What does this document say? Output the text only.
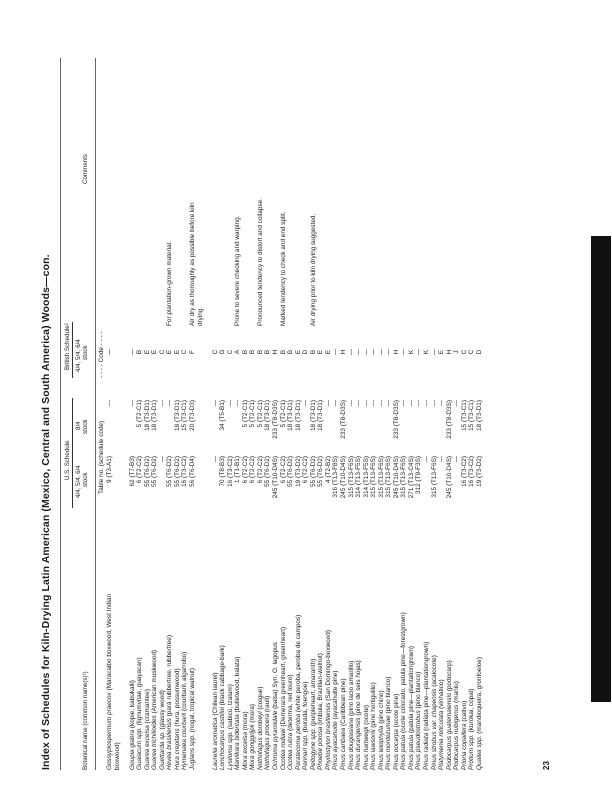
Index of Schedules for Kiln-Drying Latin American (Mexico, Central and South America) Woods—con. U.S. Schedule
British Schedule²
4/4, 5/4, 6/4 stock
8/4 stock
4/4, 5/4, 6/4 stock
Botanical name (common name(s)¹)
Comments
Table no. (schedule code)
- - - - Code - - - -
Gossypiospermum praecox (Maracaibo boxwood, West Indian
9 (T3-A1)
—
—
boxwood) Goupia glabra (kopie, kabukalli)
62 (T7-B3)
—
—
Guaiacum spp. (lignumvitae, guayacan)
6 (T2-C2)
5 (T2-C1)
B
Guarea excelsa (cramantee)
55 (T6-D2)
18 (T3-D1)
E
Guarea trichilioides (American muskwood)
55 (T6-D2)
18 (T3-D1)
E
Guettarda sp. (glassy wood)
—
—
C
Hevea brasiliensis (pará rubbertree, rubbertree)
55 (T6-D2)
—
E
For plantation-grown material.
Hura crepitans (hura, possumwood)
55 (T6-D2)
18 (T3-D1)
E
Hymenaea courbaril (courbaril, algarrobo)
16 (T3-C2)
15 (T3-C1)
C
Juglans spp. (nogal, tropical walnut)
56 (T6-D4)
20 (T3-D3)
F
Air dry as thoroughly as possible before kiln drying.
Laurelia aromatica (Chilean laurel)
—
—
C
Lonchocarpus castilloi (black cabbage-bark)
70 (T8-B3)
34 (T5-B1)
G
Lysiloma spp. (sabicú, tzalam)
16 (T3-C2)
—
C
Manilkara bidentata (bulletwood, balata)
1 (T1-B1)
—
A
Prone to severe checking and warping.
Mora excelsa (mora)
6 (T2-C2)
5 (T2-C1)
B
Mora gonggrijpii (mora)
6 (T2-C2)
5 (T2-C1)
B
Nothofagus dombeyi (coigue)
6 (T2-C2)
5 (T2-C1)
B
Pronounced tendency to distort and collapse.
Nothofagus procera (rauli)
55 (T6-D2)
18 (T3-D1)
B
Ochroma pyramidale (balsa) Syn. O. lagopus
245 (T10-D4S)
233 (T8-D3S)
H
Ocotea rodiaei (Demerara greenheart, greenheart)
6 (T2-C2)
5 (T2-C1)
B
Marked tendency to check and end split.
Ocotea rubra (determa, red louro)
55 (T6-D2)
18 (T3-D1)
B
Paratecoma peroba (white peroba, peroba de campos)
19 (T3-D2)
18 (T3-D1)
E
Parinari spp. (burada, foengoe)
6 (T2-C2)
—
D
Peltogyne spp. (purpleheart, amaranth)
55 (T6-D2)
18 (T3-D1)
B
Air drying prior to kiln drying suggested.
Phoebe porosa (imbuia, Brazilian-walnut)
55 (T6-D2)
18 (T3-D1)
E
Phyllostylon brasiliensis (San Domingo-boxwood)
4 (T2-B2)
—
E
Pinus ayacahuite (ayacahuite pine)
316 (T13-F8S)
—
—
Pinus caribaea (Caribbean pine)
245 (T10-D4S)
233 (T8-D3S)
H
Pinus douglasiana (pino lacio amarillo)
315 (T13-F6S)
—
—
Pinus durangensis (pino de seis hojas)
314 (T13-F5S)
—
—
Pinus hartwegii (ocote)
314 (T13-F5S)
—
—
Pinus lawsonii (pino hortiguillo)
315 (T13-F6S)
—
—
Pinus leiophylla (pino chino)
315 (T13-F6S)
—
—
Pinus montezumae (pino blanco)
315 (T13-F6S)
—
—
Pinus oocarpa (ocote pine)
245 (T10-D4S)
233 (T8-D3S)
H
Pinus patula (ocote colorado, patula pine—forestgrown)
315 (T13-F6S)
—
—
Pinus patula (patula pine—plantationgrown)
271 (T13-C4S)
—
K
Pinus pseudostrobus (pino blanco)
312 (T9-F3S)
—
—
Pinus radiata (radiata pine—plantationgrown)
—
—
K
Pinus strobus var. chapensis (acalocote)
315 (T13-F6S)
—
—
Platymenia reticulata (vinhatico)
—
—
E
Podocarpus guatemalensis (podocarp)
245 (T10-D4S)
233 (T8-D3S)
H
Podocarpus nubigenus (maniú)
—
—
J
Prioria copaifera (cativo)
16 (T3-C2)
15 (T3-C1)
C
Protium spp. (kurokai, copal)
16 (T3-C2)
15 (T3-C1)
C
Qualea spp. (mandioqueira, gronfoeloe)
19 (T3-D2)
18 (T3-D1)
D
23
